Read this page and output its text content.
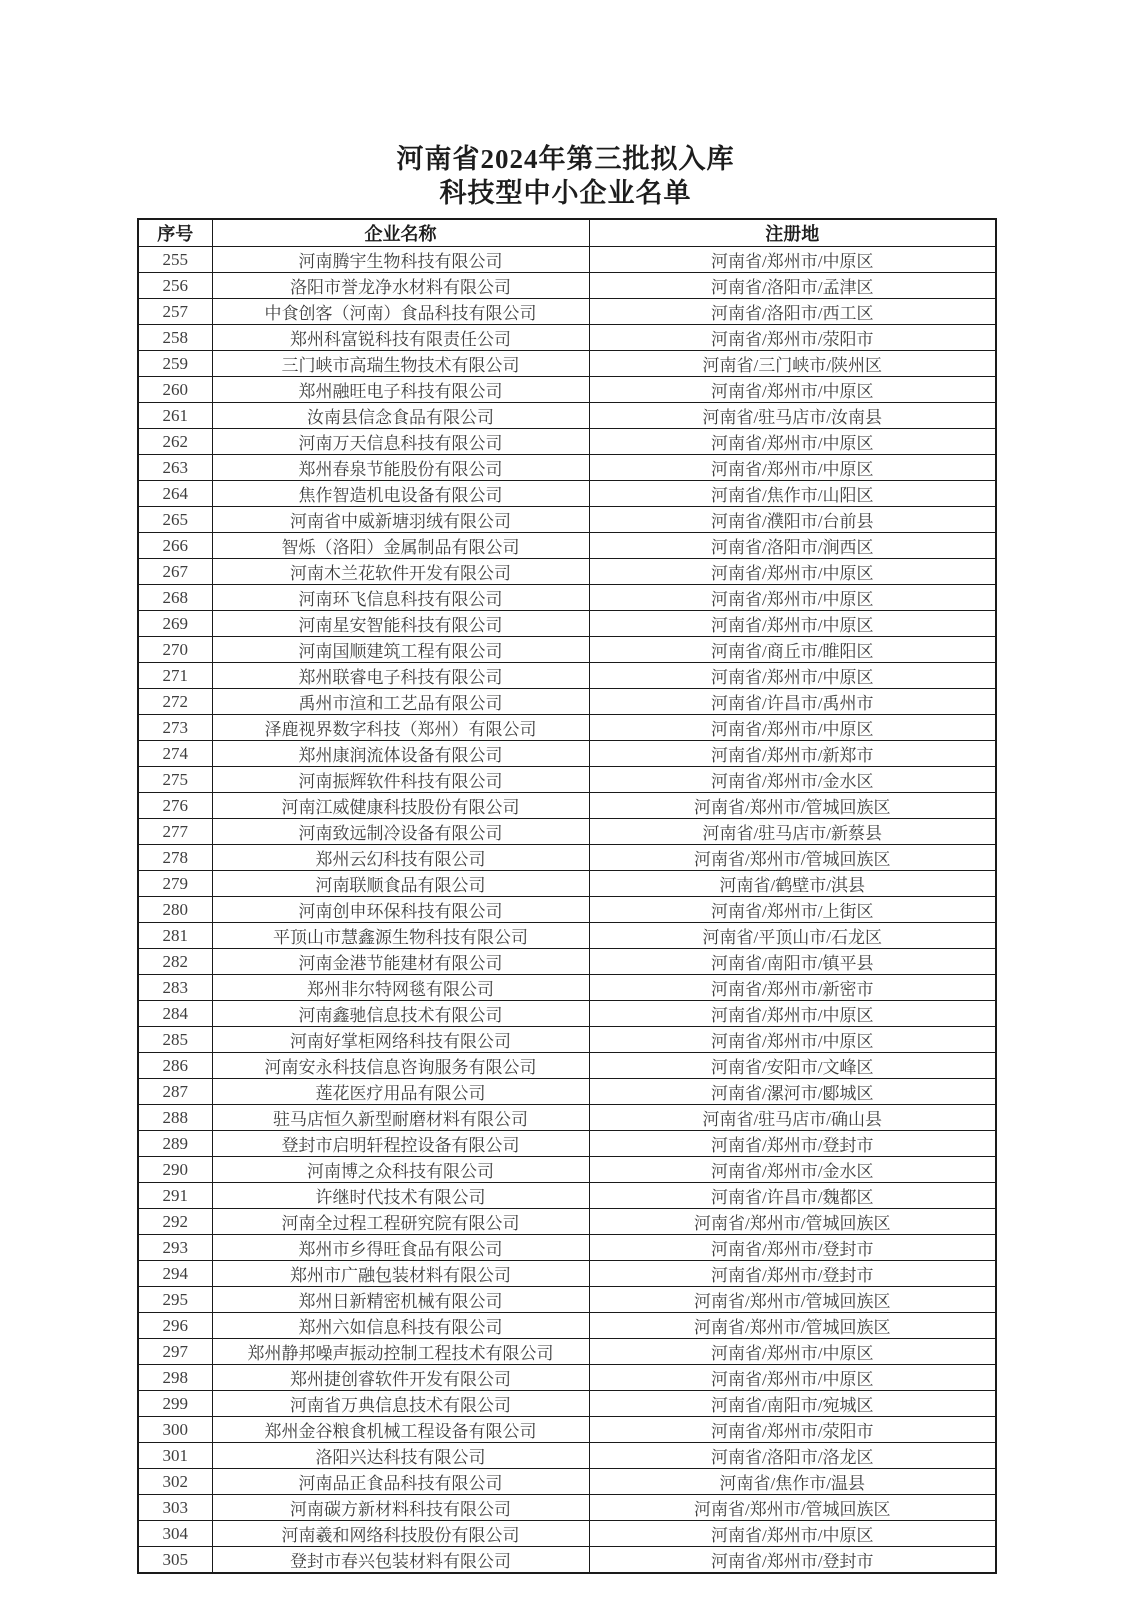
河南省2024年第三批拟入库
科技型中小企业名单
序号	企业名称	注册地
255	河南腾宇生物科技有限公司	河南省/郑州市/中原区
256	洛阳市誉龙净水材料有限公司	河南省/洛阳市/孟津区
257	中食创客（河南）食品科技有限公司	河南省/洛阳市/西工区
258	郑州科富锐科技有限责任公司	河南省/郑州市/荥阳市
259	三门峡市高瑞生物技术有限公司	河南省/三门峡市/陕州区
260	郑州融旺电子科技有限公司	河南省/郑州市/中原区
261	汝南县信念食品有限公司	河南省/驻马店市/汝南县
262	河南万天信息科技有限公司	河南省/郑州市/中原区
263	郑州春泉节能股份有限公司	河南省/郑州市/中原区
264	焦作智造机电设备有限公司	河南省/焦作市/山阳区
265	河南省中威新塘羽绒有限公司	河南省/濮阳市/台前县
266	智烁（洛阳）金属制品有限公司	河南省/洛阳市/涧西区
267	河南木兰花软件开发有限公司	河南省/郑州市/中原区
268	河南环飞信息科技有限公司	河南省/郑州市/中原区
269	河南星安智能科技有限公司	河南省/郑州市/中原区
270	河南国顺建筑工程有限公司	河南省/商丘市/睢阳区
271	郑州联睿电子科技有限公司	河南省/郑州市/中原区
272	禹州市渲和工艺品有限公司	河南省/许昌市/禹州市
273	泽鹿视界数字科技（郑州）有限公司	河南省/郑州市/中原区
274	郑州康润流体设备有限公司	河南省/郑州市/新郑市
275	河南振辉软件科技有限公司	河南省/郑州市/金水区
276	河南江威健康科技股份有限公司	河南省/郑州市/管城回族区
277	河南致远制冷设备有限公司	河南省/驻马店市/新蔡县
278	郑州云幻科技有限公司	河南省/郑州市/管城回族区
279	河南联顺食品有限公司	河南省/鹤壁市/淇县
280	河南创申环保科技有限公司	河南省/郑州市/上街区
281	平顶山市慧鑫源生物科技有限公司	河南省/平顶山市/石龙区
282	河南金港节能建材有限公司	河南省/南阳市/镇平县
283	郑州非尔特网毯有限公司	河南省/郑州市/新密市
284	河南鑫驰信息技术有限公司	河南省/郑州市/中原区
285	河南好掌柜网络科技有限公司	河南省/郑州市/中原区
286	河南安永科技信息咨询服务有限公司	河南省/安阳市/文峰区
287	莲花医疗用品有限公司	河南省/漯河市/郾城区
288	驻马店恒久新型耐磨材料有限公司	河南省/驻马店市/确山县
289	登封市启明轩程控设备有限公司	河南省/郑州市/登封市
290	河南博之众科技有限公司	河南省/郑州市/金水区
291	许继时代技术有限公司	河南省/许昌市/魏都区
292	河南全过程工程研究院有限公司	河南省/郑州市/管城回族区
293	郑州市乡得旺食品有限公司	河南省/郑州市/登封市
294	郑州市广融包装材料有限公司	河南省/郑州市/登封市
295	郑州日新精密机械有限公司	河南省/郑州市/管城回族区
296	郑州六如信息科技有限公司	河南省/郑州市/管城回族区
297	郑州静邦噪声振动控制工程技术有限公司	河南省/郑州市/中原区
298	郑州捷创睿软件开发有限公司	河南省/郑州市/中原区
299	河南省万典信息技术有限公司	河南省/南阳市/宛城区
300	郑州金谷粮食机械工程设备有限公司	河南省/郑州市/荥阳市
301	洛阳兴达科技有限公司	河南省/洛阳市/洛龙区
302	河南品正食品科技有限公司	河南省/焦作市/温县
303	河南碳方新材料科技有限公司	河南省/郑州市/管城回族区
304	河南羲和网络科技股份有限公司	河南省/郑州市/中原区
305	登封市春兴包装材料有限公司	河南省/郑州市/登封市
